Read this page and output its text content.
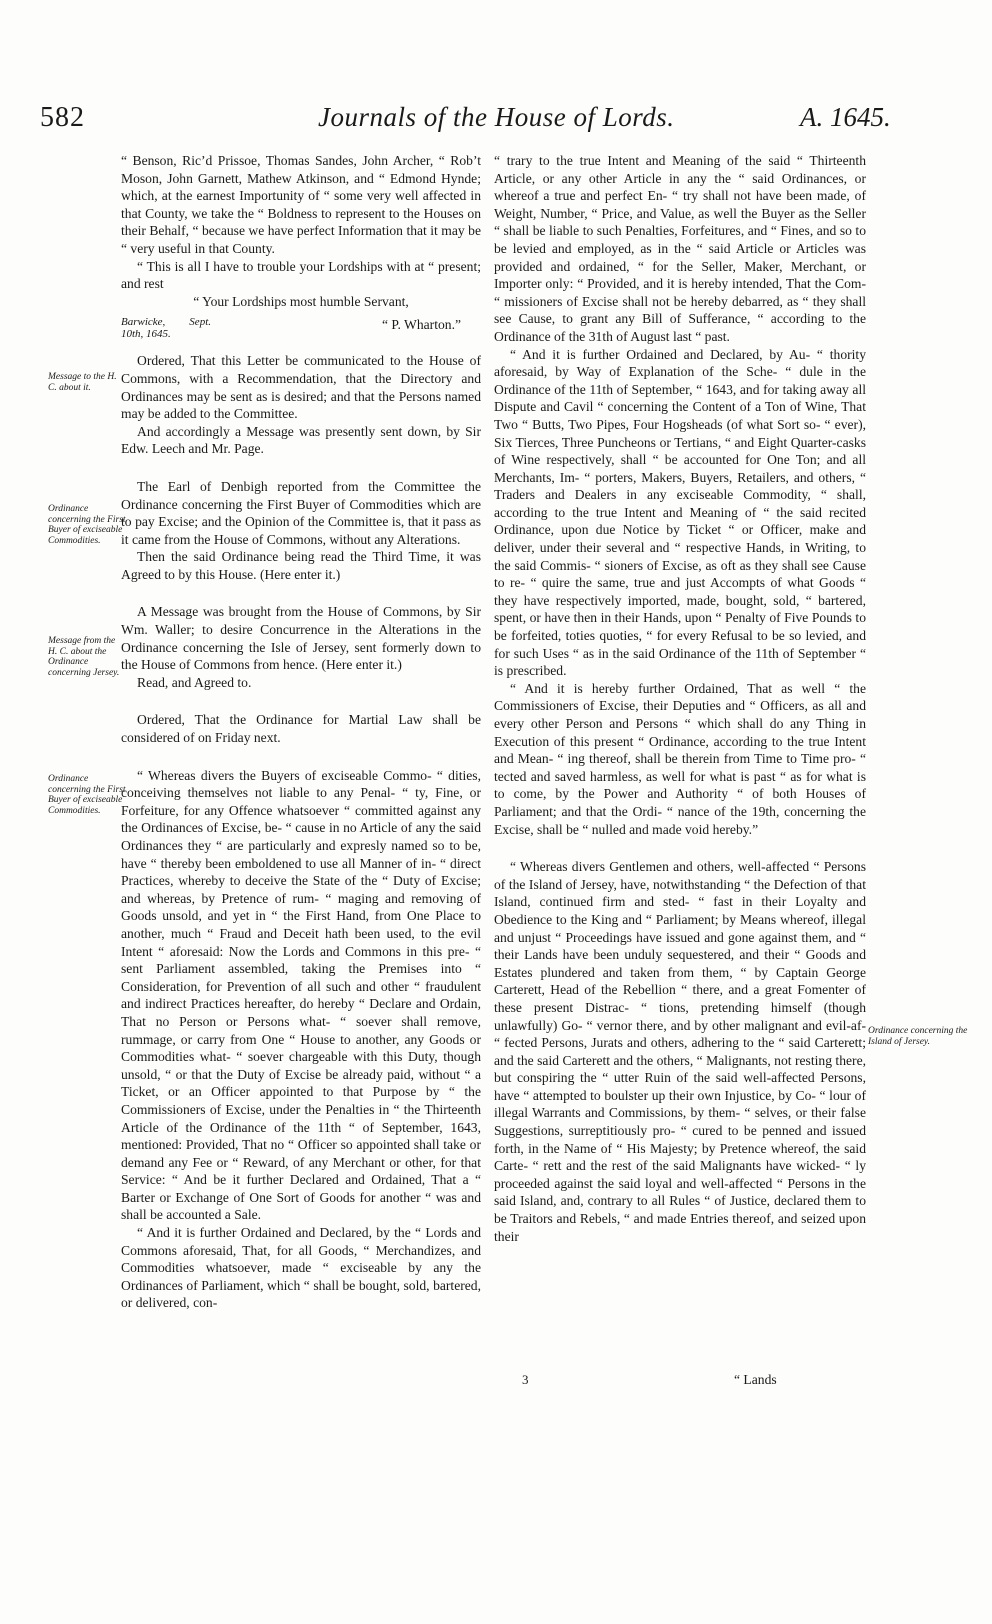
582	Journals of the House of Lords.	A. 1645.
Message to the H. C. about it.
Ordinance concerning the First Buyer of exciseable Commodities.
Message from the H. C. about the Ordinance concerning Jersey.
Ordinance concerning the First Buyer of exciseable Commodities.
Ordinance concerning the Island of Jersey.

“ Benson, Ric’d Prissoe, Thomas Sandes, John Archer, “ Rob’t Moson, John Garnett, Mathew Atkinson, and “ Edmond Hynde; which, at the earnest Importunity of “ some very well affected in that County, we take the “ Boldness to represent to the Houses on their Behalf, “ because we have perfect Information that it may be “ very useful in that County.

“ This is all I have to trouble your Lordships with at “ present; and rest

“ Your Lordships most humble Servant,

Barwicke, Sept. 10th, 1645.
“ P. Wharton.”

Ordered, That this Letter be communicated to the House of Commons, with a Recommendation, that the Directory and Ordinances may be sent as is desired; and that the Persons named may be added to the Committee.

And accordingly a Message was presently sent down, by Sir Edw. Leech and Mr. Page.

The Earl of Denbigh reported from the Committee the Ordinance concerning the First Buyer of Commodities which are to pay Excise; and the Opinion of the Committee is, that it pass as it came from the House of Commons, without any Alterations.

Then the said Ordinance being read the Third Time, it was Agreed to by this House. (Here enter it.)

A Message was brought from the House of Commons, by Sir Wm. Waller; to desire Concurrence in the Alterations in the Ordinance concerning the Isle of Jersey, sent formerly down to the House of Commons from hence. (Here enter it.)

Read, and Agreed to.

Ordered, That the Ordinance for Martial Law shall be considered of on Friday next.

“ Whereas divers the Buyers of exciseable Commo- “ dities, conceiving themselves not liable to any Penal- “ ty, Fine, or Forfeiture, for any Offence whatsoever “ committed against any the Ordinances of Excise, be- “ cause in no Article of any the said Ordinances they “ are particularly and expresly named so to be, have “ thereby been emboldened to use all Manner of in- “ direct Practices, whereby to deceive the State of the “ Duty of Excise; and whereas, by Pretence of rum- “ maging and removing of Goods unsold, and yet in “ the First Hand, from One Place to another, much “ Fraud and Deceit hath been used, to the evil Intent “ aforesaid: Now the Lords and Commons in this pre- “ sent Parliament assembled, taking the Premises into “ Consideration, for Prevention of all such and other “ fraudulent and indirect Practices hereafter, do hereby “ Declare and Ordain, That no Person or Persons what- “ soever shall remove, rummage, or carry from One “ House to another, any Goods or Commodities what- “ soever chargeable with this Duty, though unsold, “ or that the Duty of Excise be already paid, without “ a Ticket, or an Officer appointed to that Purpose by “ the Commissioners of Excise, under the Penalties in “ the Thirteenth Article of the Ordinance of the 11th “ of September, 1643, mentioned: Provided, That no “ Officer so appointed shall take or demand any Fee or “ Reward, of any Merchant or other, for that Service: “ And be it further Declared and Ordained, That a “ Barter or Exchange of One Sort of Goods for another “ was and shall be accounted a Sale.

“ And it is further Ordained and Declared, by the “ Lords and Commons aforesaid, That, for all Goods, “ Merchandizes, and Commodities whatsoever, made “ exciseable by any the Ordinances of Parliament, which “ shall be bought, sold, bartered, or delivered, con-

“ trary to the true Intent and Meaning of the said “ Thirteenth Article, or any other Article in any the “ said Ordinances, or whereof a true and perfect En- “ try shall not have been made, of Weight, Number, “ Price, and Value, as well the Buyer as the Seller “ shall be liable to such Penalties, Forfeitures, and “ Fines, and so to be levied and employed, as in the “ said Article or Articles was provided and ordained, “ for the Seller, Maker, Merchant, or Importer only: “ Provided, and it is hereby intended, That the Com- “ missioners of Excise shall not be hereby debarred, as “ they shall see Cause, to grant any Bill of Sufferance, “ according to the Ordinance of the 31th of August last “ past.

“ And it is further Ordained and Declared, by Au- “ thority aforesaid, by Way of Explanation of the Sche- “ dule in the Ordinance of the 11th of September, “ 1643, and for taking away all Dispute and Cavil “ concerning the Content of a Ton of Wine, That Two “ Butts, Two Pipes, Four Hogsheads (of what Sort so- “ ever), Six Tierces, Three Puncheons or Tertians, “ and Eight Quarter-casks of Wine respectively, shall “ be accounted for One Ton; and all Merchants, Im- “ porters, Makers, Buyers, Retailers, and others, “ Traders and Dealers in any exciseable Commodity, “ shall, according to the true Intent and Meaning of “ the said recited Ordinance, upon due Notice by Ticket “ or Officer, make and deliver, under their several and “ respective Hands, in Writing, to the said Commis- “ sioners of Excise, as oft as they shall see Cause to re- “ quire the same, true and just Accompts of what Goods “ they have respectively imported, made, bought, sold, “ bartered, spent, or have then in their Hands, upon “ Penalty of Five Pounds to be forfeited, toties quoties, “ for every Refusal to be so levied, and for such Uses “ as in the said Ordinance of the 11th of September “ is prescribed.

“ And it is hereby further Ordained, That as well “ the Commissioners of Excise, their Deputies and “ Officers, as all and every other Person and Persons “ which shall do any Thing in Execution of this present “ Ordinance, according to the true Intent and Mean- “ ing thereof, shall be therein from Time to Time pro- “ tected and saved harmless, as well for what is past “ as for what is to come, by the Power and Authority “ of both Houses of Parliament; and that the Ordi- “ nance of the 19th, concerning the Excise, shall be “ nulled and made void hereby.”

“ Whereas divers Gentlemen and others, well-affected “ Persons of the Island of Jersey, have, notwithstanding “ the Defection of that Island, continued firm and sted- “ fast in their Loyalty and Obedience to the King and “ Parliament; by Means whereof, illegal and unjust “ Proceedings have issued and gone against them, and “ their Lands have been unduly sequestered, and their “ Goods and Estates plundered and taken from them, “ by Captain George Carterett, Head of the Rebellion “ there, and a great Fomenter of these present Distrac- “ tions, pretending himself (though unlawfully) Go- “ vernor there, and by other malignant and evil-af- “ fected Persons, Jurats and others, adhering to the “ said Carterett; and the said Carterett and the others, “ Malignants, not resting there, but conspiring the “ utter Ruin of the said well-affected Persons, have “ attempted to boulster up their own Injustice, by Co- “ lour of illegal Warrants and Commissions, by them- “ selves, or their false Suggestions, surreptitiously pro- “ cured to be penned and issued forth, in the Name of “ His Majesty; by Pretence whereof, the said Carte- “ rett and the rest of the said Malignants have wicked- “ ly proceeded against the said loyal and well-affected “ Persons in the said Island, and, contrary to all Rules “ of Justice, declared them to be Traitors and Rebels, “ and made Entries thereof, and seized upon their

3	“ Lands
